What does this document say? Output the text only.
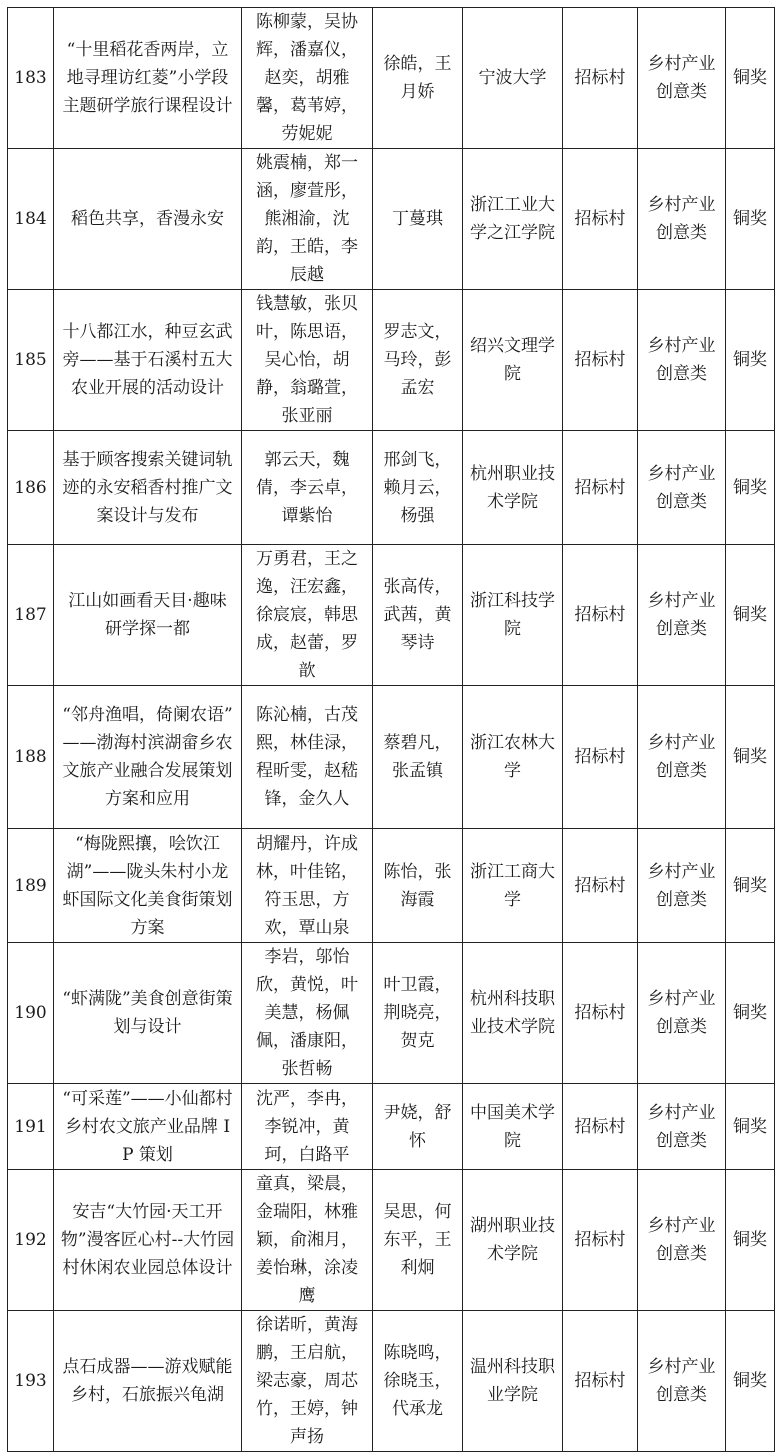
183	“十里稻花香两岸，立地寻理访红菱”小学段主题研学旅行课程设计	陈柳蒙，吴协辉，潘嘉仪，赵奕，胡雅馨，葛苇婷，劳妮妮	徐皓，王月娇	宁波大学	招标村	乡村产业创意类	铜奖
184	稻色共享，香漫永安	姚震楠，郑一涵，廖萱彤，熊湘渝，沈韵，王皓，李辰越	丁蔓琪	浙江工业大学之江学院	招标村	乡村产业创意类	铜奖
185	十八都江水，种豆玄武旁——基于石溪村五大农业开展的活动设计	钱慧敏，张贝叶，陈思语，吴心怡，胡静，翁璐萱，张亚丽	罗志文，马玲，彭孟宏	绍兴文理学院	招标村	乡村产业创意类	铜奖
186	基于顾客搜索关键词轨迹的永安稻香村推广文案设计与发布	郭云天，魏倩，李云卓，谭紫怡	邢剑飞，赖月云，杨强	杭州职业技术学院	招标村	乡村产业创意类	铜奖
187	江山如画看天目·趣味研学探一都	万勇君，王之逸，汪宏鑫，徐宸宸，韩思成，赵蕾，罗歆	张高传，武茜，黄琴诗	浙江科技学院	招标村	乡村产业创意类	铜奖
188	“邻舟渔唱，倚阑农语” ——渤海村滨湖畲乡农文旅产业融合发展策划方案和应用	陈沁楠，古茂熙，林佳渌，程昕雯，赵嵇锋，金久人	蔡碧凡，张孟镇	浙江农林大学	招标村	乡村产业创意类	铜奖
189	“梅陇熙攘，哙饮江湖”——陇头朱村小龙虾国际文化美食街策划方案	胡耀丹，许成林，叶佳铭，符玉思，方欢，覃山泉	陈怡，张海霞	浙江工商大学	招标村	乡村产业创意类	铜奖
190	“虾满陇”美食创意街策划与设计	李岩，邬怡欣，黄悦，叶美慧，杨佩佩，潘康阳，张哲畅	叶卫霞，荆晓亮，贺克	杭州科技职业技术学院	招标村	乡村产业创意类	铜奖
191	“可采莲”——小仙都村乡村农文旅产业品牌 IP 策划	沈严，李冉，李锐冲，黄珂，白路平	尹娆，舒怀	中国美术学院	招标村	乡村产业创意类	铜奖
192	安吉“大竹园·天工开物”漫客匠心村--大竹园村休闲农业园总体设计	童真，梁晨，金瑞阳，林雅颖，俞湘月，姜怡琳，涂凌鹰	吴思，何东平，王利炯	湖州职业技术学院	招标村	乡村产业创意类	铜奖
193	点石成器——游戏赋能乡村，石旅振兴龟湖	徐诺昕，黄海鹏，王启航，梁志豪，周芯竹，王婷，钟声扬	陈晓鸣，徐晓玉，代承龙	温州科技职业学院	招标村	乡村产业创意类	铜奖
